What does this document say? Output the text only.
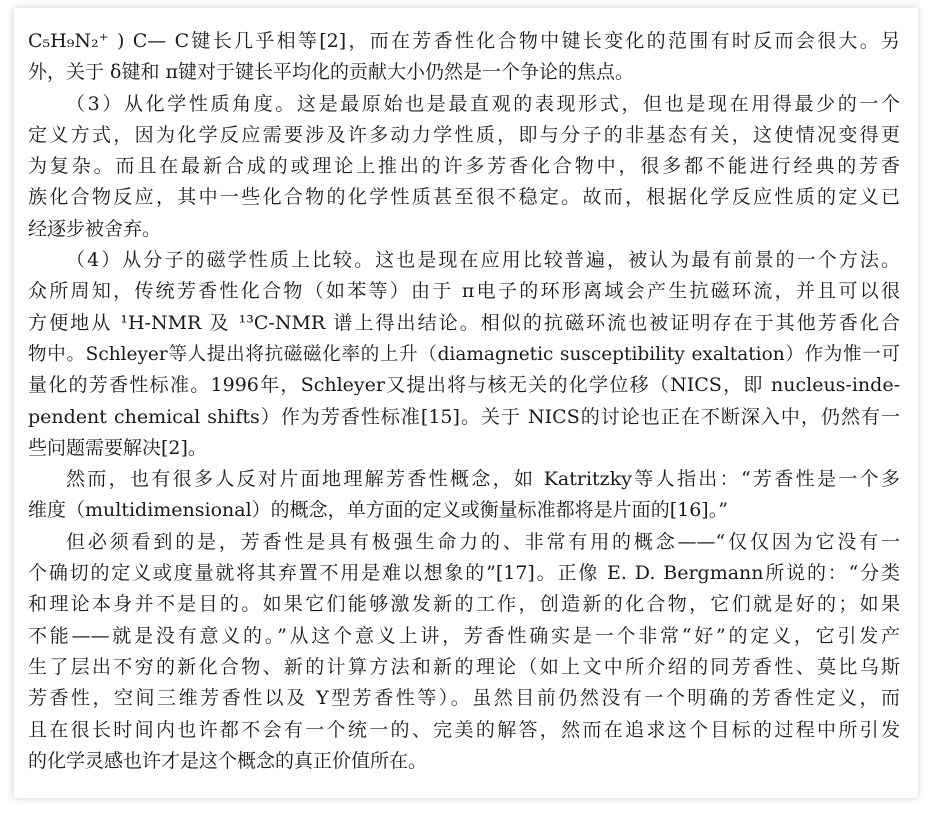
C₅H₉N₂⁺ ) C— C键长几乎相等[2]，而在芳香性化合物中键长变化的范围有时反而会很大。另
外，关于 δ键和 π键对于键长平均化的贡献大小仍然是一个争论的焦点。
（3）从化学性质角度。这是最原始也是最直观的表现形式，但也是现在用得最少的一个
定义方式，因为化学反应需要涉及许多动力学性质，即与分子的非基态有关，这使情况变得更
为复杂。而且在最新合成的或理论上推出的许多芳香化合物中，很多都不能进行经典的芳香
族化合物反应，其中一些化合物的化学性质甚至很不稳定。故而，根据化学反应性质的定义已
经逐步被舍弃。
（4）从分子的磁学性质上比较。这也是现在应用比较普遍，被认为最有前景的一个方法。
众所周知，传统芳香性化合物（如苯等）由于 π电子的环形离域会产生抗磁环流，并且可以很
方便地从 ¹H-NMR 及 ¹³C-NMR 谱上得出结论。相似的抗磁环流也被证明存在于其他芳香化合
物中。Schleyer等人提出将抗磁磁化率的上升（diamagnetic susceptibility exaltation）作为惟一可
量化的芳香性标准。1996年，Schleyer又提出将与核无关的化学位移（NICS，即 nucleus-inde-
pendent chemical shifts）作为芳香性标准[15]。关于 NICS的讨论也正在不断深入中，仍然有一
些问题需要解决[2]。
然而，也有很多人反对片面地理解芳香性概念，如 Katritzky等人指出：“芳香性是一个多
维度（multidimensional）的概念，单方面的定义或衡量标准都将是片面的[16]。”
但必须看到的是，芳香性是具有极强生命力的、非常有用的概念——“仅仅因为它没有一
个确切的定义或度量就将其弃置不用是难以想象的”[17]。正像 E. D. Bergmann所说的：“分类
和理论本身并不是目的。如果它们能够激发新的工作，创造新的化合物，它们就是好的；如果
不能——就是没有意义的。”从这个意义上讲，芳香性确实是一个非常“好”的定义，它引发产
生了层出不穷的新化合物、新的计算方法和新的理论（如上文中所介绍的同芳香性、莫比乌斯
芳香性，空间三维芳香性以及 Y型芳香性等）。虽然目前仍然没有一个明确的芳香性定义，而
且在很长时间内也许都不会有一个统一的、完美的解答，然而在追求这个目标的过程中所引发
的化学灵感也许才是这个概念的真正价值所在。
